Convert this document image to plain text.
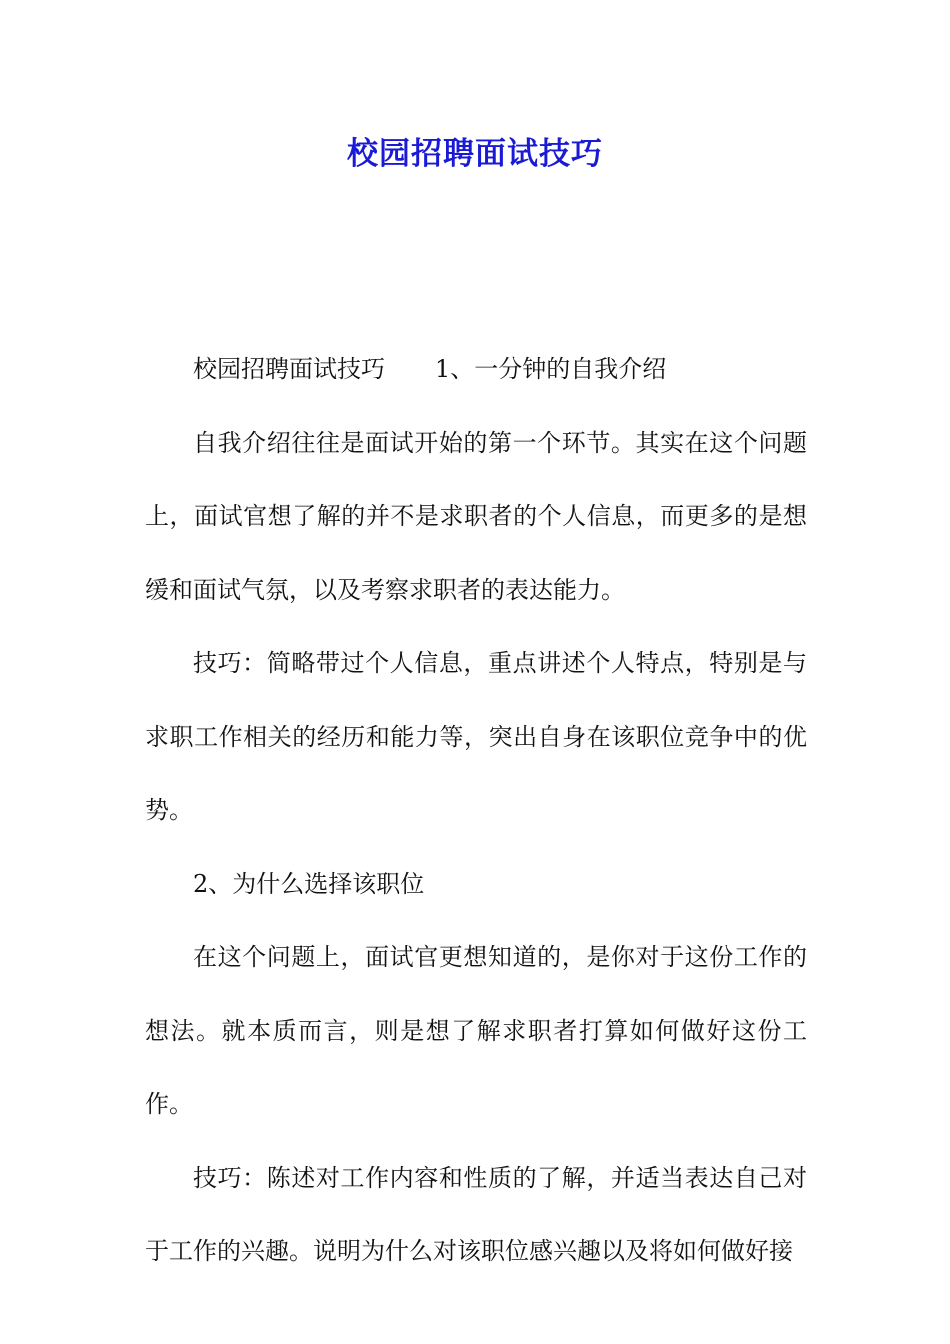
校园招聘面试技巧

校园招聘面试技巧 1、一分钟的自我介绍

自我介绍往往是面试开始的第一个环节。其实在这个问题上，面试官想了解的并不是求职者的个人信息，而更多的是想缓和面试气氛，以及考察求职者的表达能力。

技巧：简略带过个人信息，重点讲述个人特点，特别是与求职工作相关的经历和能力等，突出自身在该职位竞争中的优势。

2、为什么选择该职位

在这个问题上，面试官更想知道的，是你对于这份工作的想法。就本质而言，则是想了解求职者打算如何做好这份工作。

技巧：陈述对工作内容和性质的了解，并适当表达自己对于工作的兴趣。说明为什么对该职位感兴趣以及将如何做好接
